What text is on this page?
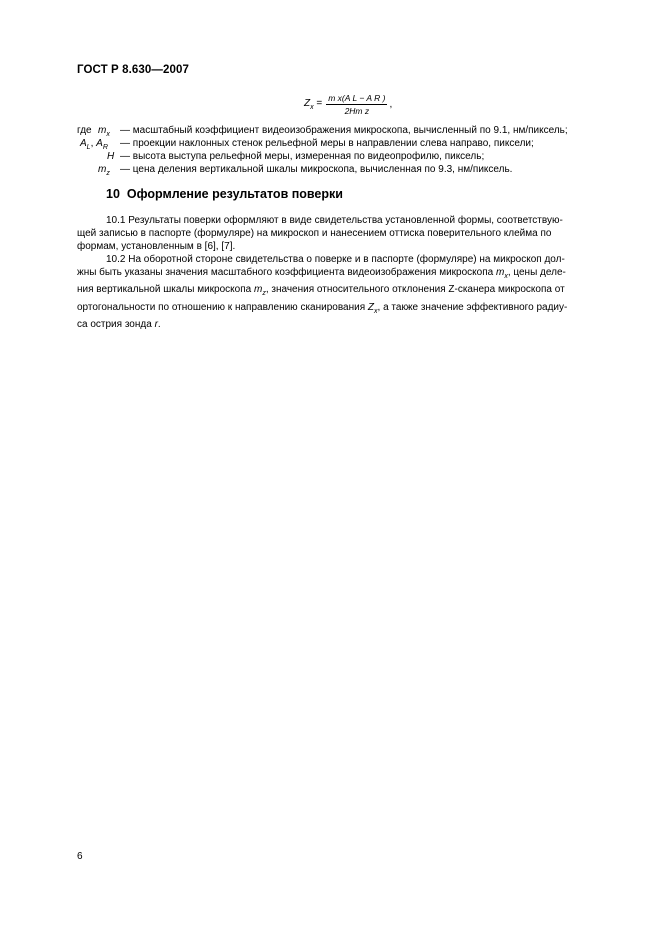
ГОСТ Р 8.630—2007
$Z_x = \frac{\text{m x(A L − A R )}}{\text{2Hm z}}$ ,
где $m_x$ — масштабный коэффициент видеоизображения микроскопа, вычисленный по 9.1, нм/пиксель;
$A_L$, $A_R$ — проекции наклонных стенок рельефной меры в направлении слева направо, пиксели;
H — высота выступа рельефной меры, измеренная по видеопрофилю, пиксель;
$m_z$ — цена деления вертикальной шкалы микроскопа, вычисленная по 9.3, нм/пиксель.
10 Оформление результатов поверки
10.1 Результаты поверки оформляют в виде свидетельства установленной формы, соответствую-
щей записью в паспорте (формуляре) на микроскоп и нанесением оттиска поверительного клейма по
формам, установленным в [6], [7].
10.2 На оборотной стороне свидетельства о поверке и в паспорте (формуляре) на микроскоп дол-
жны быть указаны значения масштабного коэффициента видеоизображения микроскопа $m_x$, цены деле-
ния вертикальной шкалы микроскопа $m_z$, значения относительного отклонения Z-сканера микроскопа от
ортогональности по отношению к направлению сканирования $Z_x$, а также значение эффективного радиу-
са острия зонда r.
6
